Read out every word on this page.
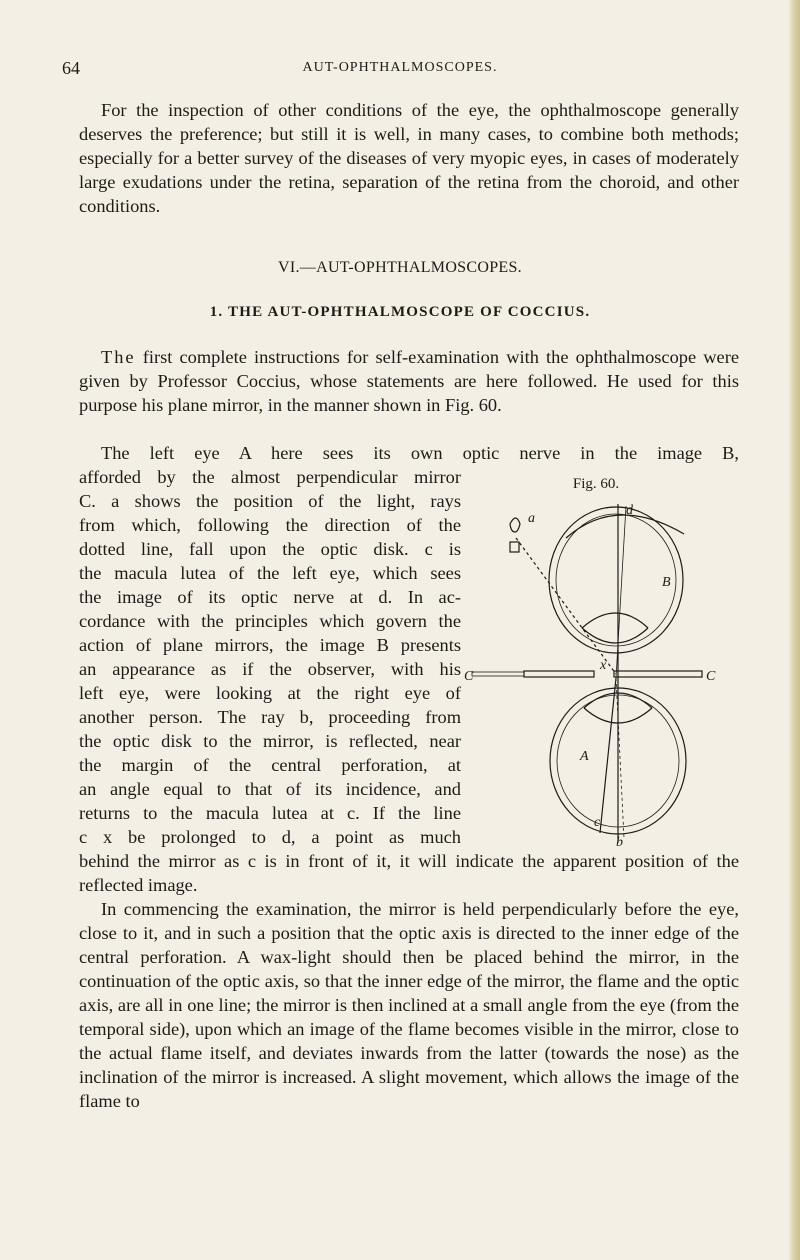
64	AUT-OPHTHALMOSCOPES.

For the inspection of other conditions of the eye, the ophthalmoscope generally deserves the preference; but still it is well, in many cases, to combine both methods; especially for a better survey of the diseases of very myopic eyes, in cases of moderately large exudations under the retina, separation of the retina from the choroid, and other conditions.

VI.—AUT-OPHTHALMOSCOPES.
1. THE AUT-OPHTHALMOSCOPE OF COCCIUS.

The first complete instructions for self-examination with the ophthalmoscope were given by Professor Coccius, whose statements are here followed. He used for this purpose his plane mirror, in the manner shown in Fig. 60.

The left eye A here sees its own optic nerve in the image B,

afforded by the almost perpendicular mirror
C. a shows the position of the light, rays
from which, following the direction of the
dotted line, fall upon the optic disk. c is
the macula lutea of the left eye, which sees
the image of its optic nerve at d. In ac-
cordance with the principles which govern the
action of plane mirrors, the image B presents
an appearance as if the observer, with his
left eye, were looking at the right eye of
another person. The ray b, proceeding from
the optic disk to the mirror, is reflected, near
the margin of the central perforation, at
an angle equal to that of its incidence, and
returns to the macula lutea at c. If the line
c x be prolonged to d, a point as much

behind the mirror as c is in front of it, it will indicate the apparent position of the reflected image.

In commencing the examination, the mirror is held perpendicularly before the eye, close to it, and in such a position that the optic axis is directed to the inner edge of the central perforation. A wax-light should then be placed behind the mirror, in the continuation of the optic axis, so that the inner edge of the mirror, the flame and the optic axis, are all in one line; the mirror is then inclined at a small angle from the eye (from the temporal side), upon which an image of the flame becomes visible in the mirror, close to the actual flame itself, and deviates inwards from the latter (towards the nose) as the inclination of the mirror is increased. A slight movement, which allows the image of the flame to

Fig. 60.
a
d
B
C	C
x
A
c
b
